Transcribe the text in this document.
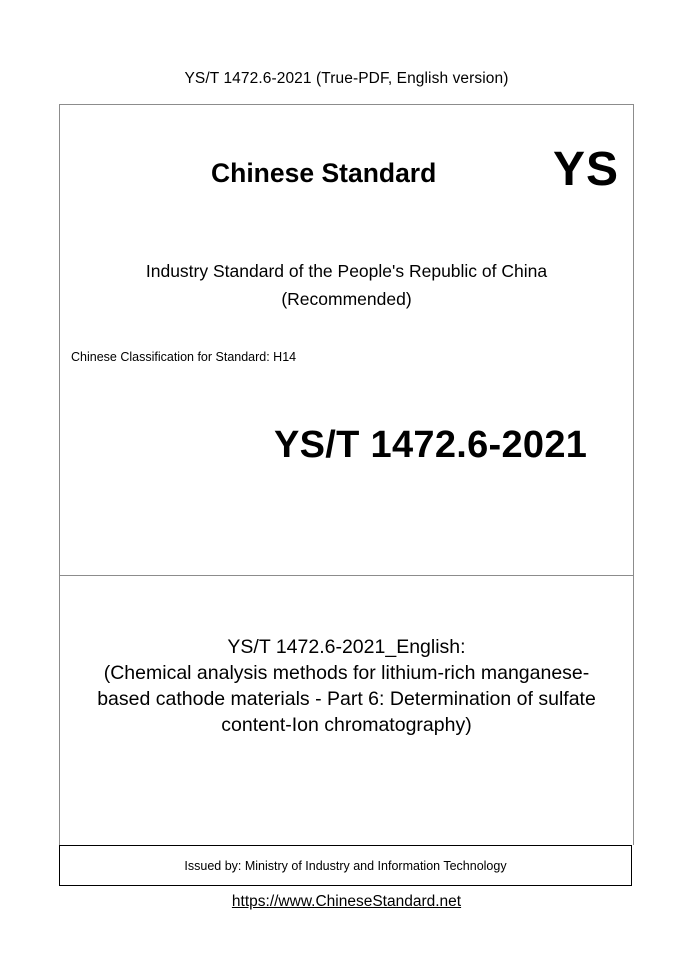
YS/T 1472.6-2021 (True-PDF, English version)
Chinese Standard YS
Industry Standard of the People's Republic of China
(Recommended)
Chinese Classification for Standard: H14
YS/T 1472.6-2021
YS/T 1472.6-2021_English:
(Chemical analysis methods for lithium-rich manganese-
based cathode materials - Part 6: Determination of sulfate
content-Ion chromatography)
Issued by: Ministry of Industry and Information Technology
https://www.ChineseStandard.net
